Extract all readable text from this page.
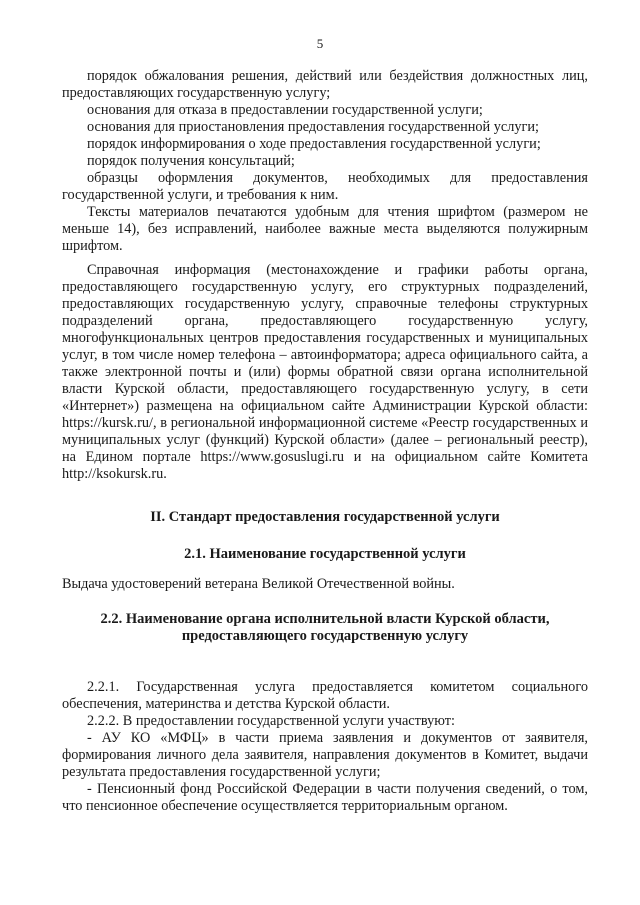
5

порядок обжалования решения, действий или бездействия должностных лиц, предоставляющих государственную услугу;

основания для отказа в предоставлении государственной услуги;

основания для приостановления предоставления государственной услуги;

порядок информирования о ходе предоставления государственной услуги;

порядок получения консультаций;

образцы оформления документов, необходимых для предоставления государственной услуги, и требования к ним.

Тексты материалов печатаются удобным для чтения шрифтом (размером не меньше 14), без исправлений, наиболее важные места выделяются полужирным шрифтом.

Справочная информация (местонахождение и графики работы органа, предоставляющего государственную услугу, его структурных подразделений, предоставляющих государственную услугу, справочные телефоны структурных подразделений органа, предоставляющего государственную услугу, многофункциональных центров предоставления государственных и муниципальных услуг, в том числе номер телефона – автоинформатора; адреса официального сайта, а также электронной почты и (или) формы обратной связи органа исполнительной власти Курской области, предоставляющего государственную услугу, в сети «Интернет») размещена на официальном сайте Администрации Курской области: https://kursk.ru/, в региональной информационной системе «Реестр государственных и муниципальных услуг (функций) Курской области» (далее – региональный реестр), на Едином портале https://www.gosuslugi.ru и на официальном сайте Комитета http://ksokursk.ru.

II. Стандарт предоставления государственной услуги
2.1. Наименование государственной услуги
Выдача удостоверений ветерана Великой Отечественной войны.
2.2. Наименование органа исполнительной власти Курской области,
предоставляющего государственную услугу

2.2.1. Государственная услуга предоставляется комитетом социального обеспечения, материнства и детства Курской области.

2.2.2. В предоставлении государственной услуги участвуют:

- АУ КО «МФЦ» в части приема заявления и документов от заявителя, формирования личного дела заявителя, направления документов в Комитет, выдачи результата предоставления государственной услуги;

- Пенсионный фонд Российской Федерации в части получения сведений, о том, что пенсионное обеспечение осуществляется территориальным органом.
